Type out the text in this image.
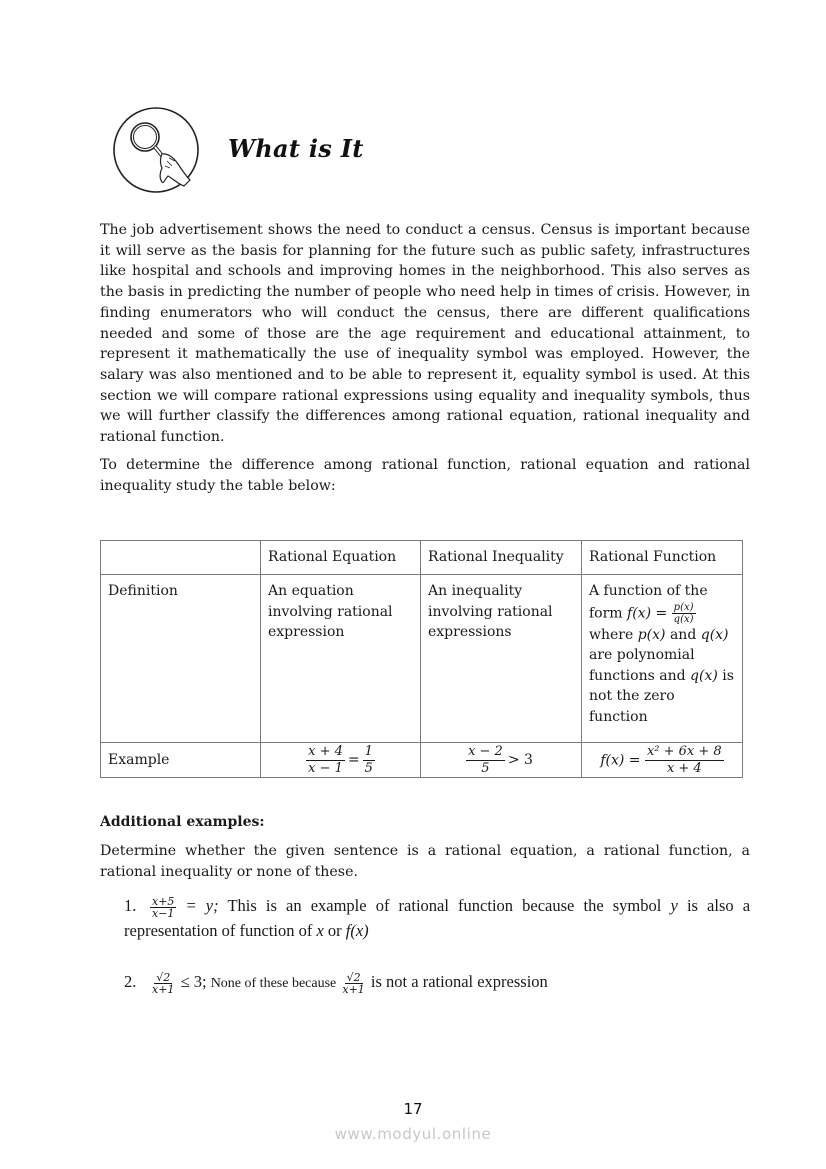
What is It
The job advertisement shows the need to conduct a census. Census is important because it will serve as the basis for planning for the future such as public safety, infrastructures like hospital and schools and improving homes in the neighborhood. This also serves as the basis in predicting the number of people who need help in times of crisis. However, in finding enumerators who will conduct the census, there are different qualifications needed and some of those are the age requirement and educational attainment, to represent it mathematically the use of inequality symbol was employed. However, the salary was also mentioned and to be able to represent it, equality symbol is used. At this section we will compare rational expressions using equality and inequality symbols, thus we will further classify the differences among rational equation, rational inequality and rational function.
To determine the difference among rational function, rational equation and rational inequality study the table below:
	Rational Equation	Rational Inequality	Rational Function
Definition	An equation involving rational expression	An inequality involving rational expressions	A function of the form $f(x) = \frac{p(x)}{q(x)}$

where p(x) and q(x) are polynomial functions and q(x) is not the zero function
Example	$\frac{x + 4}{x - 1} = \frac{1}{5}$	$\frac{x - 2}{5} > 3$	$f(x) = \frac{\text{x² + 6x + 8}}{x + 4}$
Additional examples:
Determine whether the given sentence is a rational equation, a rational function, a rational inequality or none of these.
1. $\frac{x+5}{x-1} = y$; This is an example of rational function because the symbol y is also a representation of function of x or f(x)
2. $\frac{√2}{x+1} \le 3$; None of these because $\frac{√2}{x+1}$ is not a rational expression
17
www.modyul.online
